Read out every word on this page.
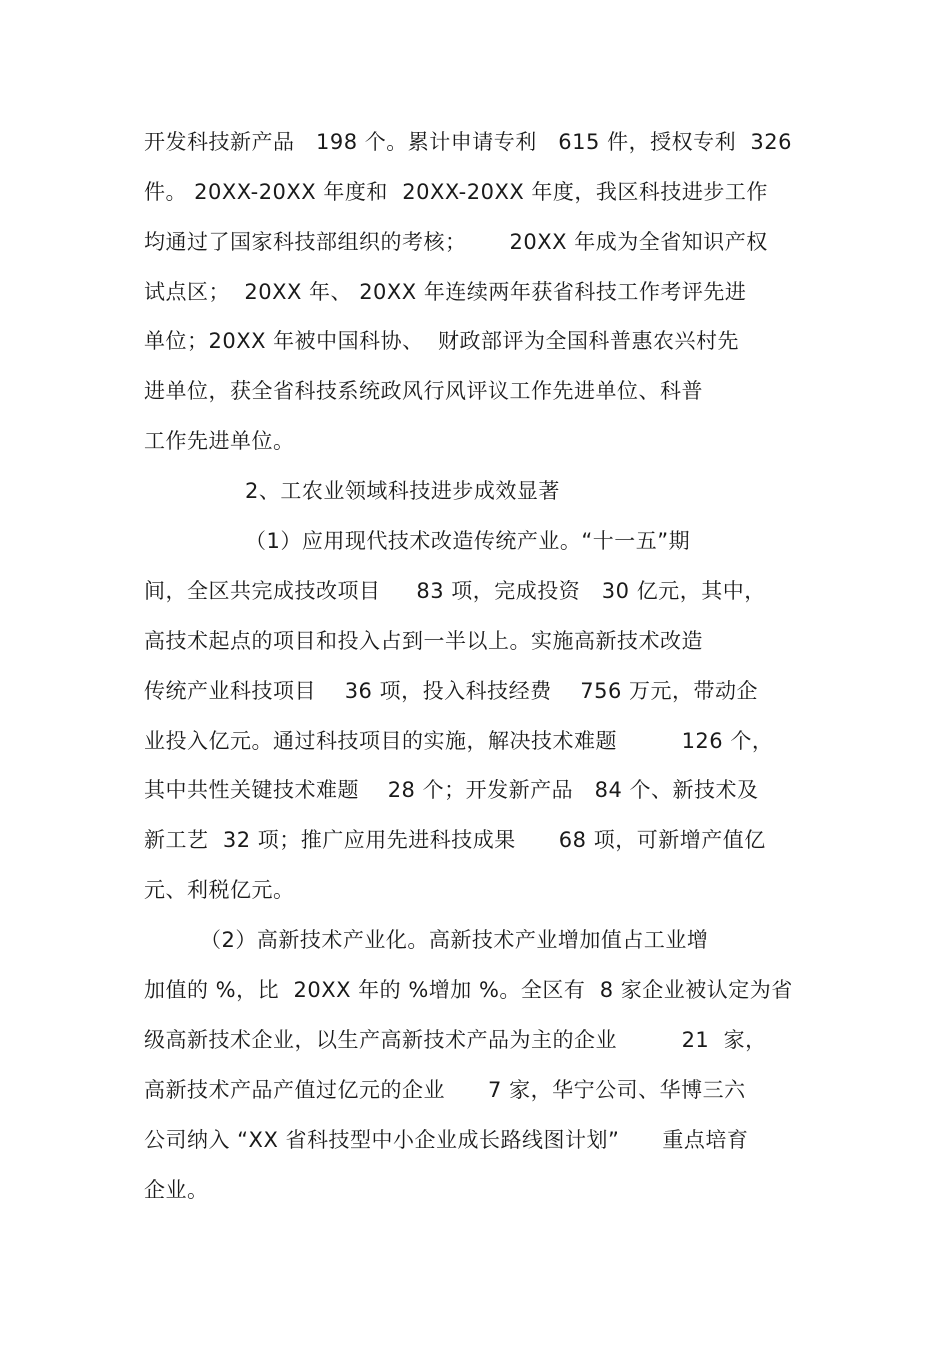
开发科技新产品   198 个。累计申请专利   615 件，授权专利  326
件。 20XX-20XX 年度和  20XX-20XX 年度，我区科技进步工作
均通过了国家科技部组织的考核；      20XX 年成为全省知识产权
试点区；  20XX 年、 20XX 年连续两年获省科技工作考评先进
单位；20XX 年被中国科协、  财政部评为全国科普惠农兴村先
进单位，获全省科技系统政风行风评议工作先进单位、科普
工作先进单位。
2、工农业领域科技进步成效显著
（1）应用现代技术改造传统产业。“十一五”期
间，全区共完成技改项目     83 项，完成投资   30 亿元，其中，
高技术起点的项目和投入占到一半以上。实施高新技术改造
传统产业科技项目    36 项，投入科技经费    756 万元，带动企
业投入亿元。通过科技项目的实施，解决技术难题         126 个，
其中共性关键技术难题    28 个；开发新产品   84 个、新技术及
新工艺  32 项；推广应用先进科技成果      68 项，可新增产值亿
元、利税亿元。
（2）高新技术产业化。高新技术产业增加值占工业增
加值的 %，比  20XX 年的 %增加 %。全区有  8 家企业被认定为省
级高新技术企业，以生产高新技术产品为主的企业         21  家，
高新技术产品产值过亿元的企业      7 家，华宁公司、华博三六
公司纳入 “XX 省科技型中小企业成长路线图计划”      重点培育
企业。
